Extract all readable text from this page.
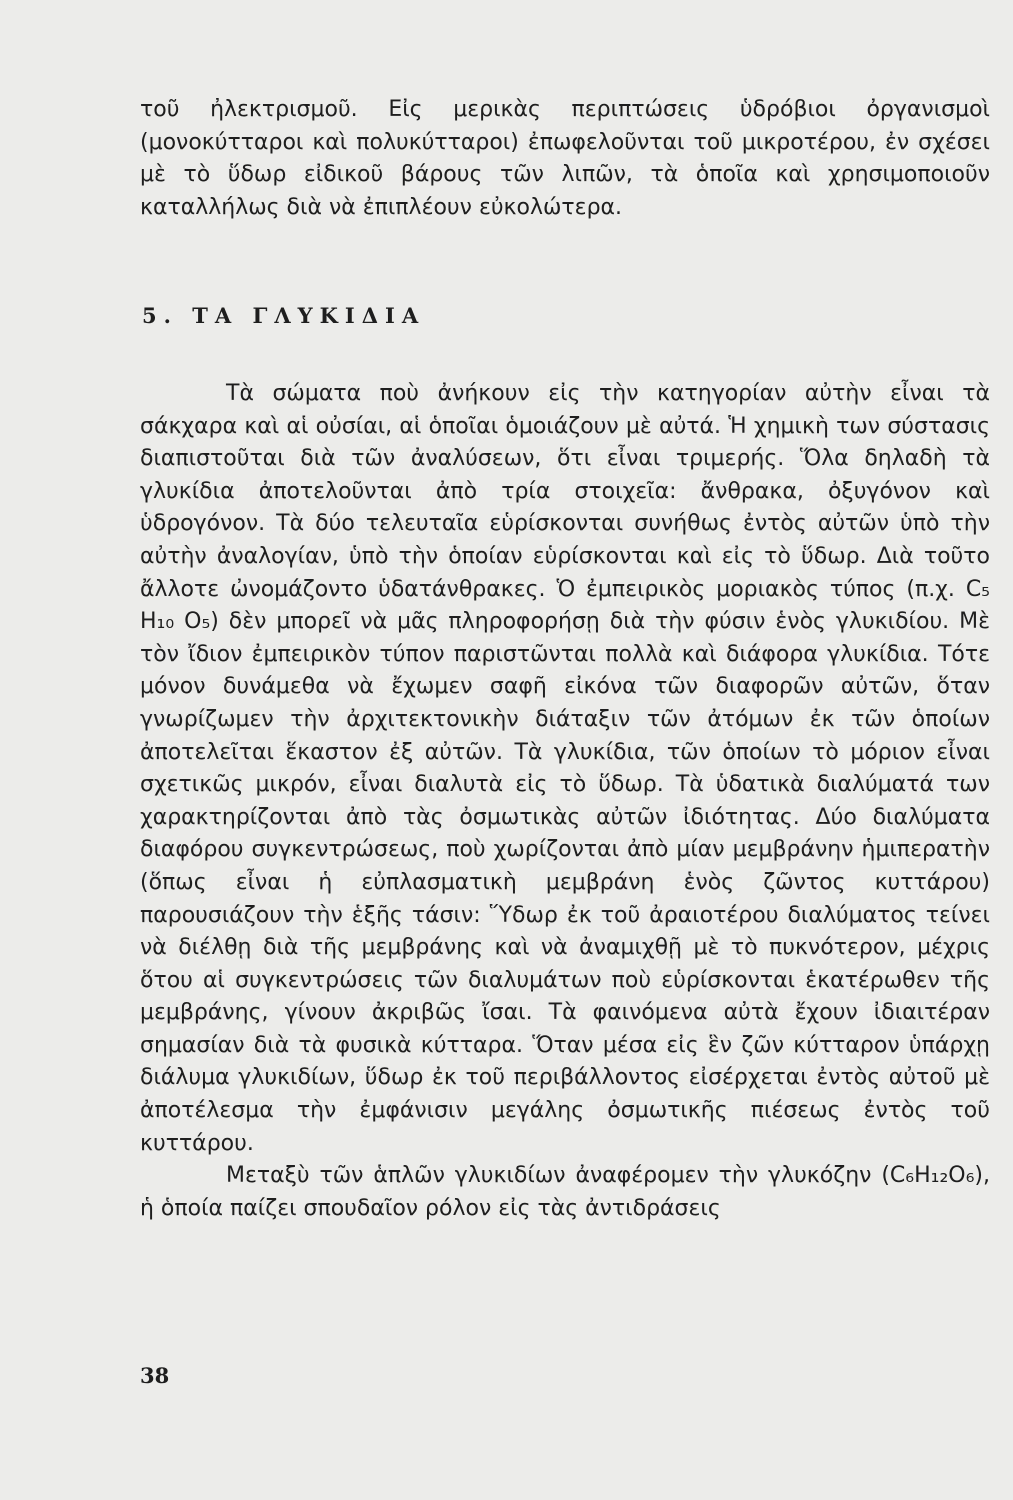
τοῦ ἠλεκτρισμοῦ. Εἰς μερικὰς περιπτώσεις ὑδρόβιοι ὀργανισμοὶ (μονοκύτταροι καὶ πολυκύτταροι) ἐπωφελοῦνται τοῦ μικροτέρου, ἐν σχέσει μὲ τὸ ὕδωρ εἰδικοῦ βάρους τῶν λιπῶν, τὰ ὁποῖα καὶ χρησιμοποιοῦν καταλλήλως διὰ νὰ ἐπιπλέουν εὐκολώτερα.

5. ΤΑ ΓΛΥΚΙΔΙΑ

Τὰ σώματα ποὺ ἀνήκουν εἰς τὴν κατηγορίαν αὐτὴν εἶναι τὰ σάκχαρα καὶ αἱ οὐσίαι, αἱ ὁποῖαι ὁμοιάζουν μὲ αὐτά. Ἡ χημικὴ των σύστασις διαπιστοῦται διὰ τῶν ἀναλύσεων, ὅτι εἶναι τριμερής. Ὅλα δηλαδὴ τὰ γλυκίδια ἀποτελοῦνται ἀπὸ τρία στοιχεῖα: ἄνθρακα, ὀξυγόνον καὶ ὑδρογόνον. Τὰ δύο τελευταῖα εὑρίσκονται συνήθως ἐντὸς αὐτῶν ὑπὸ τὴν αὐτὴν ἀναλογίαν, ὑπὸ τὴν ὁποίαν εὑρίσκονται καὶ εἰς τὸ ὕδωρ. Διὰ τοῦτο ἄλλοτε ὠνομάζοντο ὑδατάνθρακες. Ὁ ἐμπειρικὸς μοριακὸς τύπος (π.χ. C₅ H₁₀ O₅) δὲν μπορεῖ νὰ μᾶς πληροφορήσῃ διὰ τὴν φύσιν ἑνὸς γλυκιδίου. Μὲ τὸν ἴδιον ἐμπειρικὸν τύπον παριστῶνται πολλὰ καὶ διάφορα γλυκίδια. Τότε μόνον δυνάμεθα νὰ ἔχωμεν σαφῆ εἰκόνα τῶν διαφορῶν αὐτῶν, ὅταν γνωρίζωμεν τὴν ἀρχιτεκτονικὴν διάταξιν τῶν ἀτόμων ἐκ τῶν ὁποίων ἀποτελεῖται ἕκαστον ἐξ αὐτῶν. Τὰ γλυκίδια, τῶν ὁποίων τὸ μόριον εἶναι σχετικῶς μικρόν, εἶναι διαλυτὰ εἰς τὸ ὕδωρ. Τὰ ὑδατικὰ διαλύματά των χαρακτηρίζονται ἀπὸ τὰς ὀσμωτικὰς αὐτῶν ἰδιότητας. Δύο διαλύματα διαφόρου συγκεντρώσεως, ποὺ χωρίζονται ἀπὸ μίαν μεμβράνην ἡμιπερατὴν (ὅπως εἶναι ἡ εὐπλασματικὴ μεμβράνη ἑνὸς ζῶντος κυττάρου) παρουσιάζουν τὴν ἑξῆς τάσιν: Ὕδωρ ἐκ τοῦ ἀραιοτέρου διαλύματος τείνει νὰ διέλθῃ διὰ τῆς μεμβράνης καὶ νὰ ἀναμιχθῇ μὲ τὸ πυκνότερον, μέχρις ὅτου αἱ συγκεντρώσεις τῶν διαλυμάτων ποὺ εὑρίσκονται ἑκατέρωθεν τῆς μεμβράνης, γίνουν ἀκριβῶς ἴσαι. Τὰ φαινόμενα αὐτὰ ἔχουν ἰδιαιτέραν σημασίαν διὰ τὰ φυσικὰ κύτταρα. Ὅταν μέσα εἰς ἓν ζῶν κύτταρον ὑπάρχῃ διάλυμα γλυκιδίων, ὕδωρ ἐκ τοῦ περιβάλλοντος εἰσέρχεται ἐντὸς αὐτοῦ μὲ ἀποτέλεσμα τὴν ἐμφάνισιν μεγάλης ὀσμωτικῆς πιέσεως ἐντὸς τοῦ κυττάρου.

Μεταξὺ τῶν ἁπλῶν γλυκιδίων ἀναφέρομεν τὴν γλυκόζην (C₆H₁₂O₆), ἡ ὁποία παίζει σπουδαῖον ρόλον εἰς τὰς ἀντιδράσεις

38
